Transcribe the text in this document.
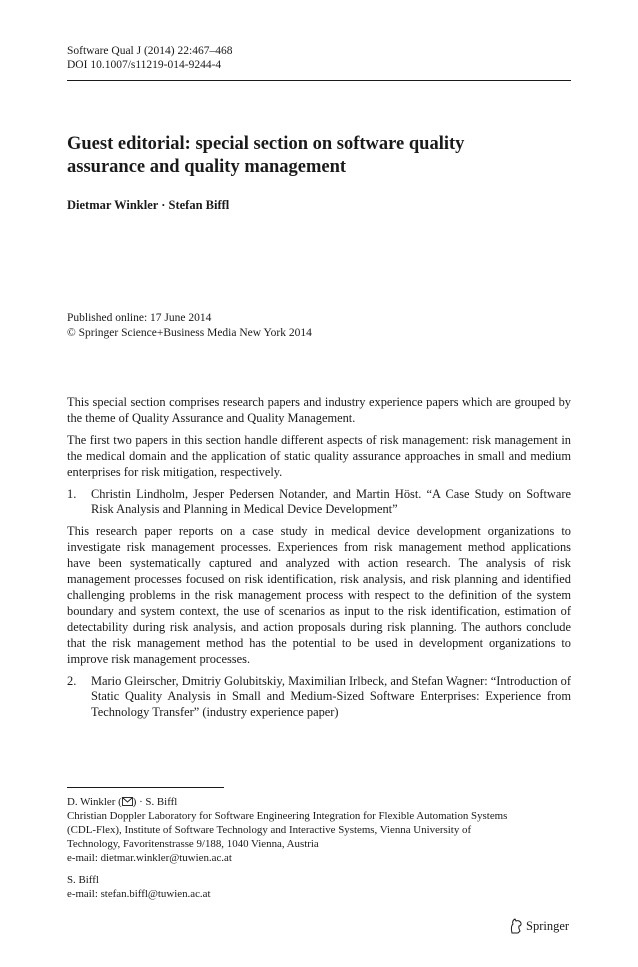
Software Qual J (2014) 22:467–468
DOI 10.1007/s11219-014-9244-4
Guest editorial: special section on software quality
assurance and quality management
Dietmar Winkler · Stefan Biffl
Published online: 17 June 2014
© Springer Science+Business Media New York 2014

This special section comprises research papers and industry experience papers which are grouped by the theme of Quality Assurance and Quality Management.

The first two papers in this section handle different aspects of risk management: risk management in the medical domain and the application of static quality assurance approaches in small and medium enterprises for risk mitigation, respectively.

1.	Christin Lindholm, Jesper Pedersen Notander, and Martin Höst. “A Case Study on Software Risk Analysis and Planning in Medical Device Development”

This research paper reports on a case study in medical device development organizations to investigate risk management processes. Experiences from risk management method applications have been systematically captured and analyzed with action research. The analysis of risk management processes focused on risk identification, risk analysis, and risk planning and identified challenging problems in the risk management process with respect to the definition of the system boundary and system context, the use of scenarios as input to the risk identification, estimation of detectability during risk analysis, and action proposals during risk planning. The authors conclude that the risk management method has the potential to be used in development organizations to improve risk management processes.

2.	Mario Gleirscher, Dmitriy Golubitskiy, Maximilian Irlbeck, and Stefan Wagner: “Introduction of Static Quality Analysis in Small and Medium-Sized Software Enterprises: Experience from Technology Transfer” (industry experience paper)

D. Winkler ( ) · S. Biffl

Christian Doppler Laboratory for Software Engineering Integration for Flexible Automation Systems

(CDL-Flex), Institute of Software Technology and Interactive Systems, Vienna University of

Technology, Favoritenstrasse 9/188, 1040 Vienna, Austria

e-mail: dietmar.winkler@tuwien.ac.at

S. Biffl

e-mail: stefan.biffl@tuwien.ac.at

Springer
